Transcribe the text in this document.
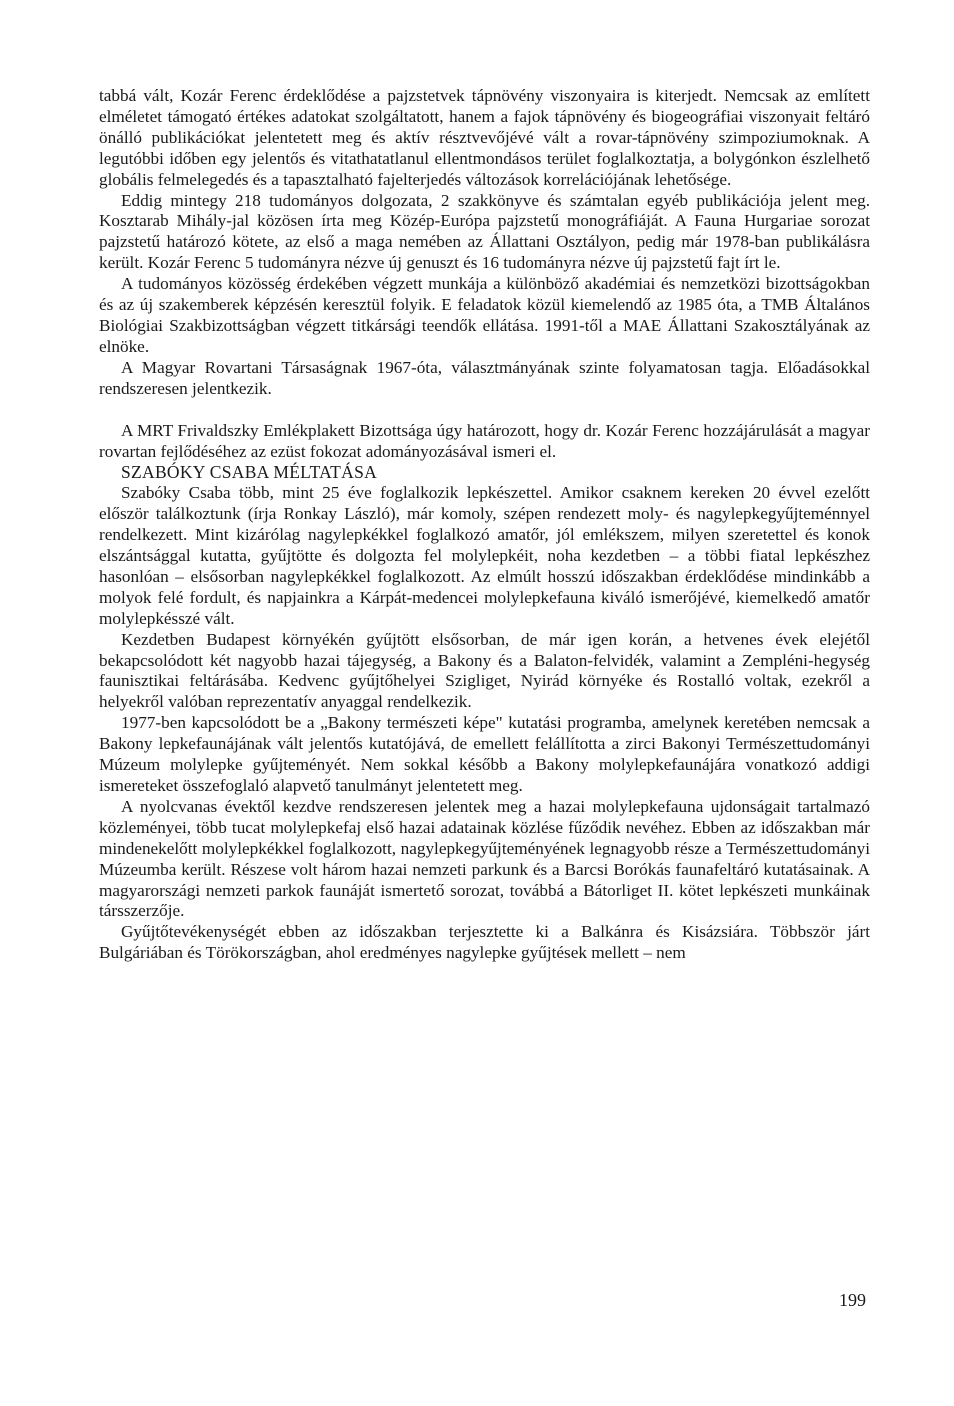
tabbá vált, Kozár Ferenc érdeklődése a pajzstetvek tápnövény viszonyaira is kiterjedt. Nemcsak az említett elméletet támogató értékes adatokat szolgáltatott, hanem a fajok tápnövény és biogeográfiai viszonyait feltáró önálló publikációkat jelentetett meg és aktív résztvevőjévé vált a rovar-tápnövény szimpoziumoknak. A legutóbbi időben egy jelentős és vitathatatlanul ellentmondásos terület foglalkoztatja, a bolygónkon észlelhető globális felmelegedés és a tapasztalható fajelterjedés változások korrelációjának lehetősége.

Eddig mintegy 218 tudományos dolgozata, 2 szakkönyve és számtalan egyéb publikációja jelent meg. Kosztarab Mihály-jal közösen írta meg Közép-Európa pajzstetű monográfiáját. A Fauna Hurgariae sorozat pajzstetű határozó kötete, az első a maga nemében az Állattani Osztályon, pedig már 1978-ban publikálásra került. Kozár Ferenc 5 tudományra nézve új genuszt és 16 tudományra nézve új pajzstetű fajt írt le.

A tudományos közösség érdekében végzett munkája a különböző akadémiai és nemzetközi bizottságokban és az új szakemberek képzésén keresztül folyik. E feladatok közül kiemelendő az 1985 óta, a TMB Általános Biológiai Szakbizottságban végzett titkársági teendők ellátása. 1991-től a MAE Állattani Szakosztályának az elnöke.

A Magyar Rovartani Társaságnak 1967-óta, választmányának szinte folyamatosan tagja. Előadásokkal rendszeresen jelentkezik.

A MRT Frivaldszky Emlékplakett Bizottsága úgy határozott, hogy dr. Kozár Ferenc hozzájárulását a magyar rovartan fejlődéséhez az ezüst fokozat adományozásával ismeri el.

SZABÓKY CSABA MÉLTATÁSA

Szabóky Csaba több, mint 25 éve foglalkozik lepkészettel. Amikor csaknem kereken 20 évvel ezelőtt először találkoztunk (írja Ronkay László), már komoly, szépen rendezett moly- és nagylepkegyűjteménnyel rendelkezett. Mint kizárólag nagylepkékkel foglalkozó amatőr, jól emlékszem, milyen szeretettel és konok elszántsággal kutatta, gyűjtötte és dolgozta fel molylepkéit, noha kezdetben – a többi fiatal lepkészhez hasonlóan – elsősorban nagylepkékkel foglalkozott. Az elmúlt hosszú időszakban érdeklődése mindinkább a molyok felé fordult, és napjainkra a Kárpát-medencei molylepkefauna kiváló ismerőjévé, kiemelkedő amatőr molylepkésszé vált.

Kezdetben Budapest környékén gyűjtött elsősorban, de már igen korán, a hetvenes évek elejétől bekapcsolódott két nagyobb hazai tájegység, a Bakony és a Balaton-felvidék, valamint a Zempléni-hegység faunisztikai feltárásába. Kedvenc gyűjtőhelyei Szigliget, Nyirád környéke és Rostalló voltak, ezekről a helyekről valóban reprezentatív anyaggal rendelkezik.

1977-ben kapcsolódott be a „Bakony természeti képe" kutatási programba, amelynek keretében nemcsak a Bakony lepkefaunájának vált jelentős kutatójává, de emellett felállította a zirci Bakonyi Természettudományi Múzeum molylepke gyűjteményét. Nem sokkal később a Bakony molylepkefaunájára vonatkozó addigi ismereteket összefoglaló alapvető tanulmányt jelentetett meg.

A nyolcvanas évektől kezdve rendszeresen jelentek meg a hazai molylepkefauna ujdonságait tartalmazó közleményei, több tucat molylepkefaj első hazai adatainak közlése fűződik nevéhez. Ebben az időszakban már mindenekelőtt molylepkékkel foglalkozott, nagylepkegyűjteményének legnagyobb része a Természettudományi Múzeumba került. Részese volt három hazai nemzeti parkunk és a Barcsi Borókás faunafeltáró kutatásainak. A magyarországi nemzeti parkok faunáját ismertető sorozat, továbbá a Bátorliget II. kötet lepkészeti munkáinak társszerzője.

Gyűjtőtevékenységét ebben az időszakban terjesztette ki a Balkánra és Kisázsiára. Többször járt Bulgáriában és Törökországban, ahol eredményes nagylepke gyűjtések mellett – nem

199
